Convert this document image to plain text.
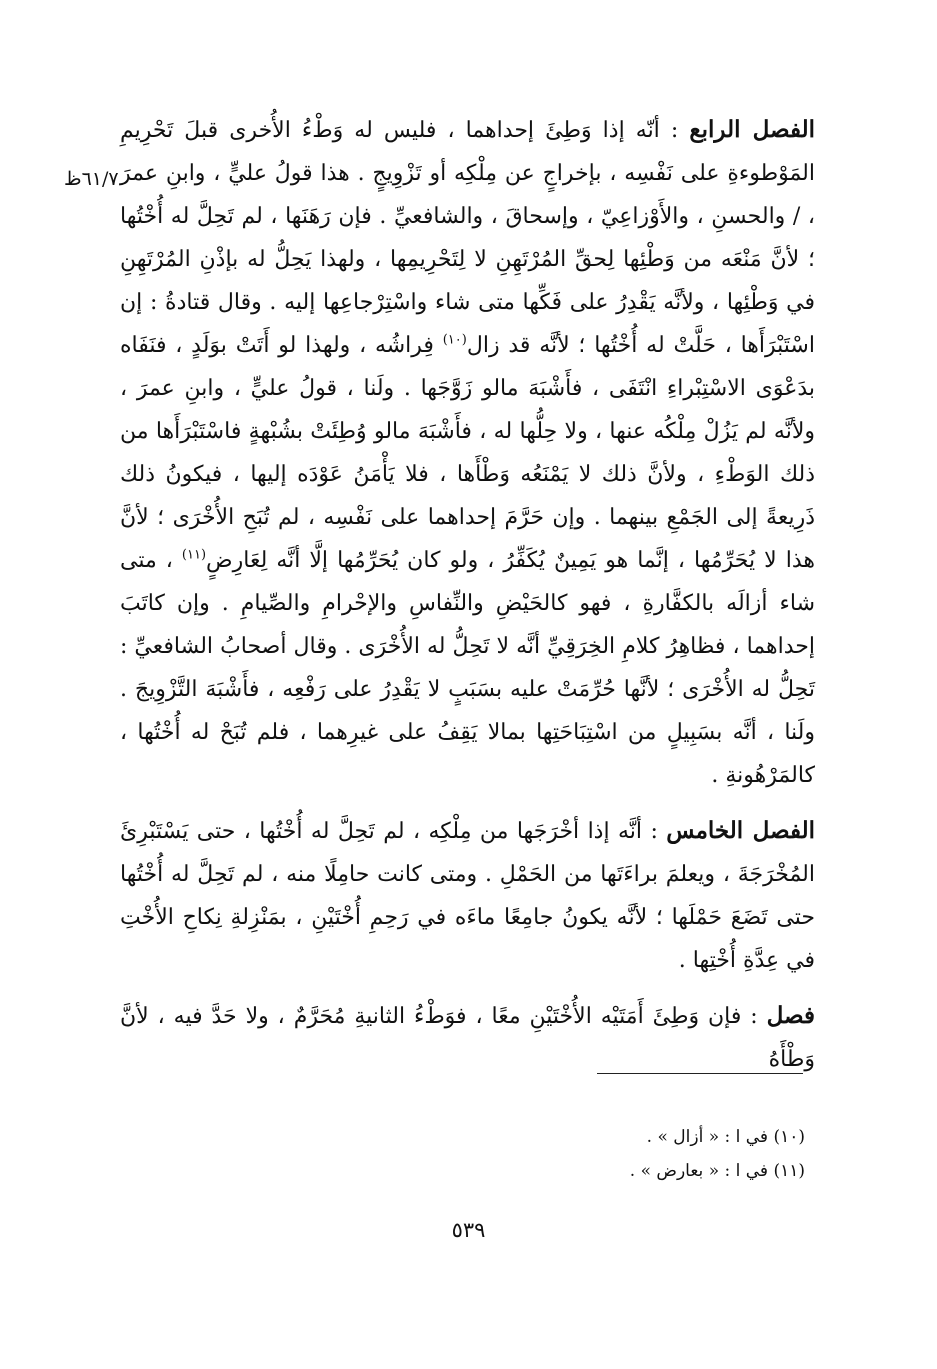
٦١/٧ظ

الفصل الرابع : أنّه إذا وَطِئَ إحداهما ، فليس له وَطْءُ الأُخرى قبلَ تَحْرِيمِ المَوْطوءةِ على نَفْسِه ، بإخراجٍ عن مِلْكِه أو تَزْوِيجٍ . هذا قولُ عليٍّ ، وابنِ عمرَ ، / والحسنِ ، والأَوْزاعِيّ ، وإسحاقَ ، والشافعيِّ . فإن رَهَنَها ، لم تَحِلَّ له أُخْتُها ؛ لأنَّ مَنْعَه من وَطْئِها لِحقِّ المُرْتَهِنِ لا لِتَحْرِيمِها ، ولهذا يَحِلُّ له بإذْنِ المُرْتَهِنِ في وَطْئِها ، ولأنَّه يَقْدِرُ على فَكِّها متى شاء واسْتِرْجاعِها إليه . وقال قتادةُ : إن اسْتَبْرَأَها ، حَلَّتْ له أُخْتُها ؛ لأنَّه قد زال$^{(١٠)}$ فِراشُه ، ولهذا لو أَتَتْ بوَلَدٍ ، فنَفَاه بدَعْوَى الاسْتِبْراءِ انْتَفَى ، فأَشْبَهَ مالو زَوَّجَها . ولَنا ، قولُ عليٍّ ، وابنِ عمرَ ، ولأنَّه لم يَزُلْ مِلْكُه عنها ، ولا حِلُّها له ، فأَشْبَهَ مالو وُطِئَتْ بشُبْهةٍ فاسْتَبْرَأَها من ذلك الوَطْءِ ، ولأنَّ ذلك لا يَمْنَعُه وَطْأَها ، فلا يَأْمَنُ عَوْدَه إليها ، فيكونُ ذلك ذَرِيعةً إلى الجَمْعِ بينهما . وإن حَرَّمَ إحداهما على نَفْسِه ، لم تُبَحِ الأُخْرَى ؛ لأنَّ هذا لا يُحَرِّمُها ، إنَّما هو يَمِينٌ يُكَفِّرُ ، ولو كان يُحَرِّمُها إلَّا أنَّه لِعَارِضٍ$^{(١١)}$ ، متى شاء أزالَه بالكفَّارةِ ، فهو كالحَيْضِ والنِّفاسِ والإحْرامِ والصِّيامِ . وإن كاتَبَ إحداهما ، فظاهِرُ كلامِ الخِرَقِيِّ أنَّه لا تَحِلُّ له الأُخْرَى . وقال أصحابُ الشافعيِّ : تَحِلُّ له الأُخْرَى ؛ لأنَّها حُرِّمَتْ عليه بسَبَبٍ لا يَقْدِرُ على رَفْعِه ، فأَشْبَهَ التَّزْوِيجَ . ولَنا ، أنَّه بسَبِيلٍ من اسْتِبَاحَتِها بمالا يَقِفُ على غيرِهما ، فلم تُبَحْ له أُخْتُها ، كالمَرْهُونةِ .

الفصل الخامس : أنَّه إذا أخْرَجَها من مِلْكِه ، لم تَحِلَّ له أُخْتُها ، حتى يَسْتَبْرِئَ المُخْرَجَةَ ، ويعلمَ براءَتَها من الحَمْلِ . ومتى كانت حامِلًا منه ، لم تَحِلَّ له أُخْتُها حتى تَضَعَ حَمْلَها ؛ لأنَّه يكونُ جامِعًا ماءَه في رَحِمِ أُخْتَيْنِ ، بمَنْزِلةِ نِكاحِ الأُخْتِ في عِدَّةِ أُخْتِها .

فصل : فإن وَطِئَ أَمَتَيْه الأُخْتَيْنِ معًا ، فوَطْءُ الثانيةِ مُحَرَّمٌ ، ولا حَدَّ فيه ، لأنَّ وَطْأَهُ

(١٠) في ا : « أزال » .

(١١) في ا : « بعارض » .

٥٣٩
